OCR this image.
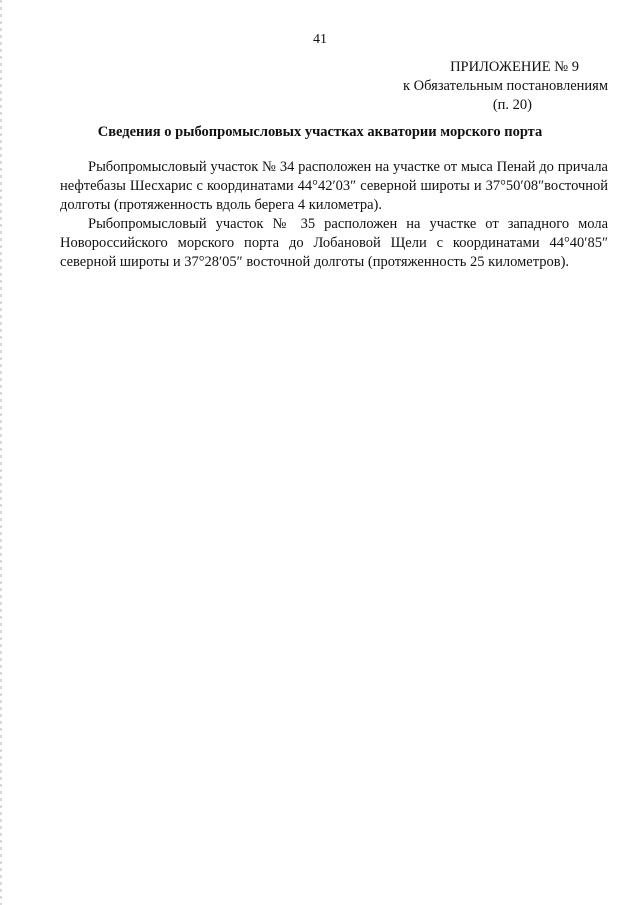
41
ПРИЛОЖЕНИЕ № 9
к Обязательным постановлениям
(п. 20)
Сведения о рыбопромысловых участках акватории морского порта

Рыбопромысловый участок № 34 расположен на участке от мыса Пенай до причала нефтебазы Шесхарис с координатами 44°42′03″ северной широты и 37°50′08″восточной долготы (протяженность вдоль берега 4 километра).

Рыбопромысловый участок № 35 расположен на участке от западного мола Новороссийского морского порта до Лобановой Щели с координатами 44°40′85″ северной широты и 37°28′05″ восточной долготы (протяженность 25 километров).
